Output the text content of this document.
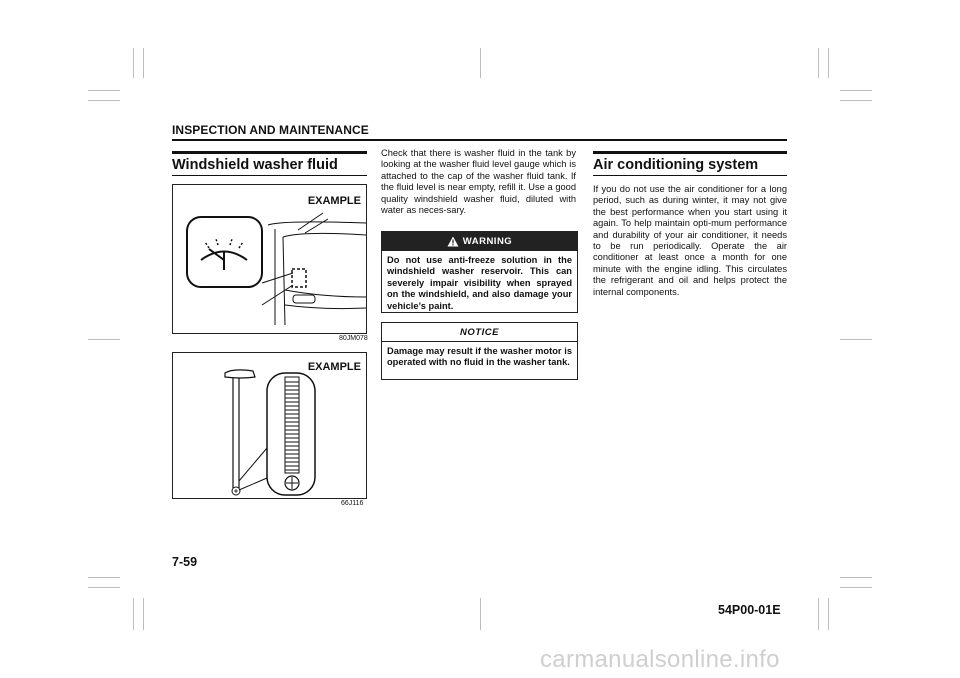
INSPECTION AND MAINTENANCE
Windshield washer fluid
EXAMPLE
80JM078
EXAMPLE
66J116
Check that there is washer fluid in the tank by looking at the washer fluid level gauge which is attached to the cap of the washer fluid tank. If the fluid level is near empty, refill it. Use a good quality windshield washer fluid, diluted with water as neces-sary.
WARNING
Do not use anti-freeze solution in the windshield washer reservoir. This can severely impair visibility when sprayed on the windshield, and also damage your vehicle’s paint.
NOTICE
Damage may result if the washer motor is operated with no fluid in the washer tank.
Air conditioning system
If you do not use the air conditioner for a long period, such as during winter, it may not give the best performance when you start using it again. To help maintain opti-mum performance and durability of your air conditioner, it needs to be run periodically. Operate the air conditioner at least once a month for one minute with the engine idling. This circulates the refrigerant and oil and helps protect the internal components.
7-59
54P00-01E
carmanualsonline.info
